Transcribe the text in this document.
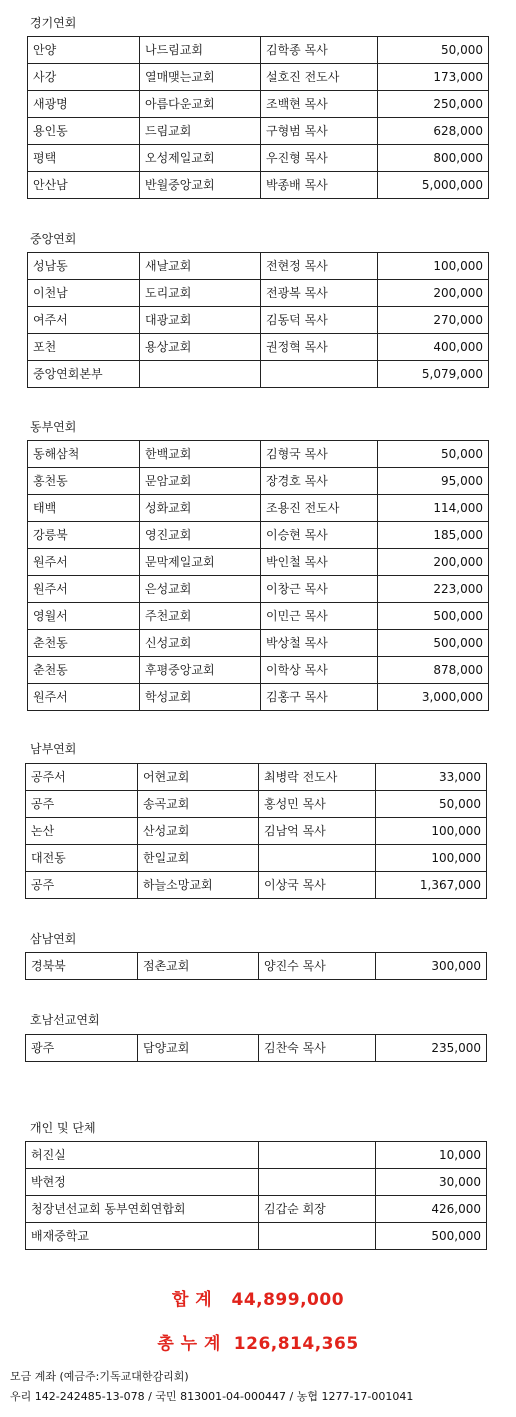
경기연회
안양	나드림교회	김학종 목사	50,000
사강	열매맺는교회	설호진 전도사	173,000
새광명	아름다운교회	조백현 목사	250,000
용인동	드림교회	구형범 목사	628,000
평택	오성제일교회	우진형 목사	800,000
안산남	반월중앙교회	박종배 목사	5,000,000
중앙연회
성남동	새날교회	전현정 목사	100,000
이천남	도리교회	전광복 목사	200,000
여주서	대광교회	김동덕 목사	270,000
포천	용상교회	권정혁 목사	400,000
중앙연회본부			5,079,000
동부연회
동해삼척	한백교회	김형국 목사	50,000
홍천동	문암교회	장경호 목사	95,000
태백	성화교회	조용진 전도사	114,000
강릉북	영진교회	이승현 목사	185,000
원주서	문막제일교회	박인철 목사	200,000
원주서	은성교회	이창근 목사	223,000
영월서	주천교회	이민근 목사	500,000
춘천동	신성교회	박상철 목사	500,000
춘천동	후평중앙교회	이학상 목사	878,000
원주서	학성교회	김홍구 목사	3,000,000
남부연회
공주서	어현교회	최병락 전도사	33,000
공주	송곡교회	홍성민 목사	50,000
논산	산성교회	김남억 목사	100,000
대전동	한일교회		100,000
공주	하늘소망교회	이상국 목사	1,367,000
삼남연회
경북북	점촌교회	양진수 목사	300,000
호남선교연회
광주	담양교회	김찬숙 목사	235,000
개인 및 단체
허진실		10,000
박현정		30,000
청장년선교회 동부연회연합회	김갑순 회장	426,000
배재중학교		500,000
합 계 44,899,000
총 누 계 126,814,365
모금 계좌 (예금주:기독교대한감리회)
우리 142-242485-13-078 / 국민 813001-04-000447 / 농협 1277-17-001041
